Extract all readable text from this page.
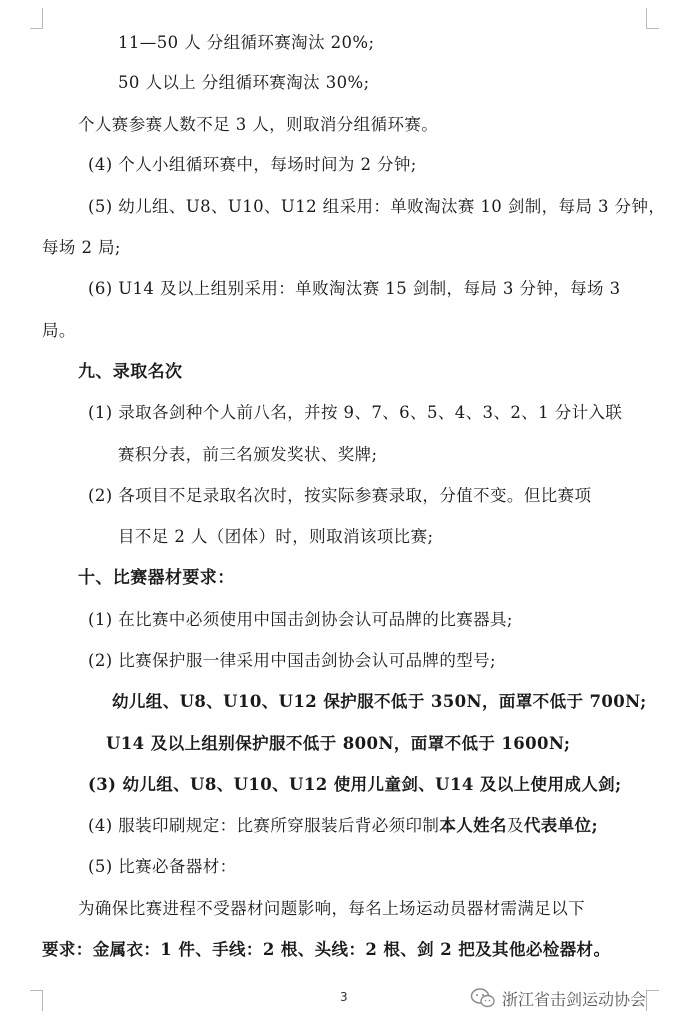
11—50 人 分组循环赛淘汰 20%;
50 人以上 分组循环赛淘汰 30%;
个人赛参赛人数不足 3 人，则取消分组循环赛。
(4) 个人小组循环赛中，每场时间为 2 分钟;
(5) 幼儿组、U8、U10、U12 组采用：单败淘汰赛 10 剑制，每局 3 分钟，
每场 2 局;
(6) U14 及以上组别采用：单败淘汰赛 15 剑制，每局 3 分钟，每场 3
局。
九、录取名次
(1) 录取各剑种个人前八名，并按 9、7、6、5、4、3、2、1 分计入联
赛积分表，前三名颁发奖状、奖牌;
(2) 各项目不足录取名次时，按实际参赛录取，分值不变。但比赛项
目不足 2 人（团体）时，则取消该项比赛;
十、比赛器材要求：
(1) 在比赛中必须使用中国击剑协会认可品牌的比赛器具;
(2) 比赛保护服一律采用中国击剑协会认可品牌的型号;
幼儿组、U8、U10、U12 保护服不低于 350N，面罩不低于 700N;
U14 及以上组别保护服不低于 800N，面罩不低于 1600N;
(3) 幼儿组、U8、U10、U12 使用儿童剑、U14 及以上使用成人剑;
(4) 服装印刷规定：比赛所穿服装后背必须印制本人姓名及代表单位;
(5) 比赛必备器材：
为确保比赛进程不受器材问题影响，每名上场运动员器材需满足以下
要求：金属衣：1 件、手线：2 根、头线：2 根、剑 2 把及其他必检器材。
3	浙江省击剑运动协会
